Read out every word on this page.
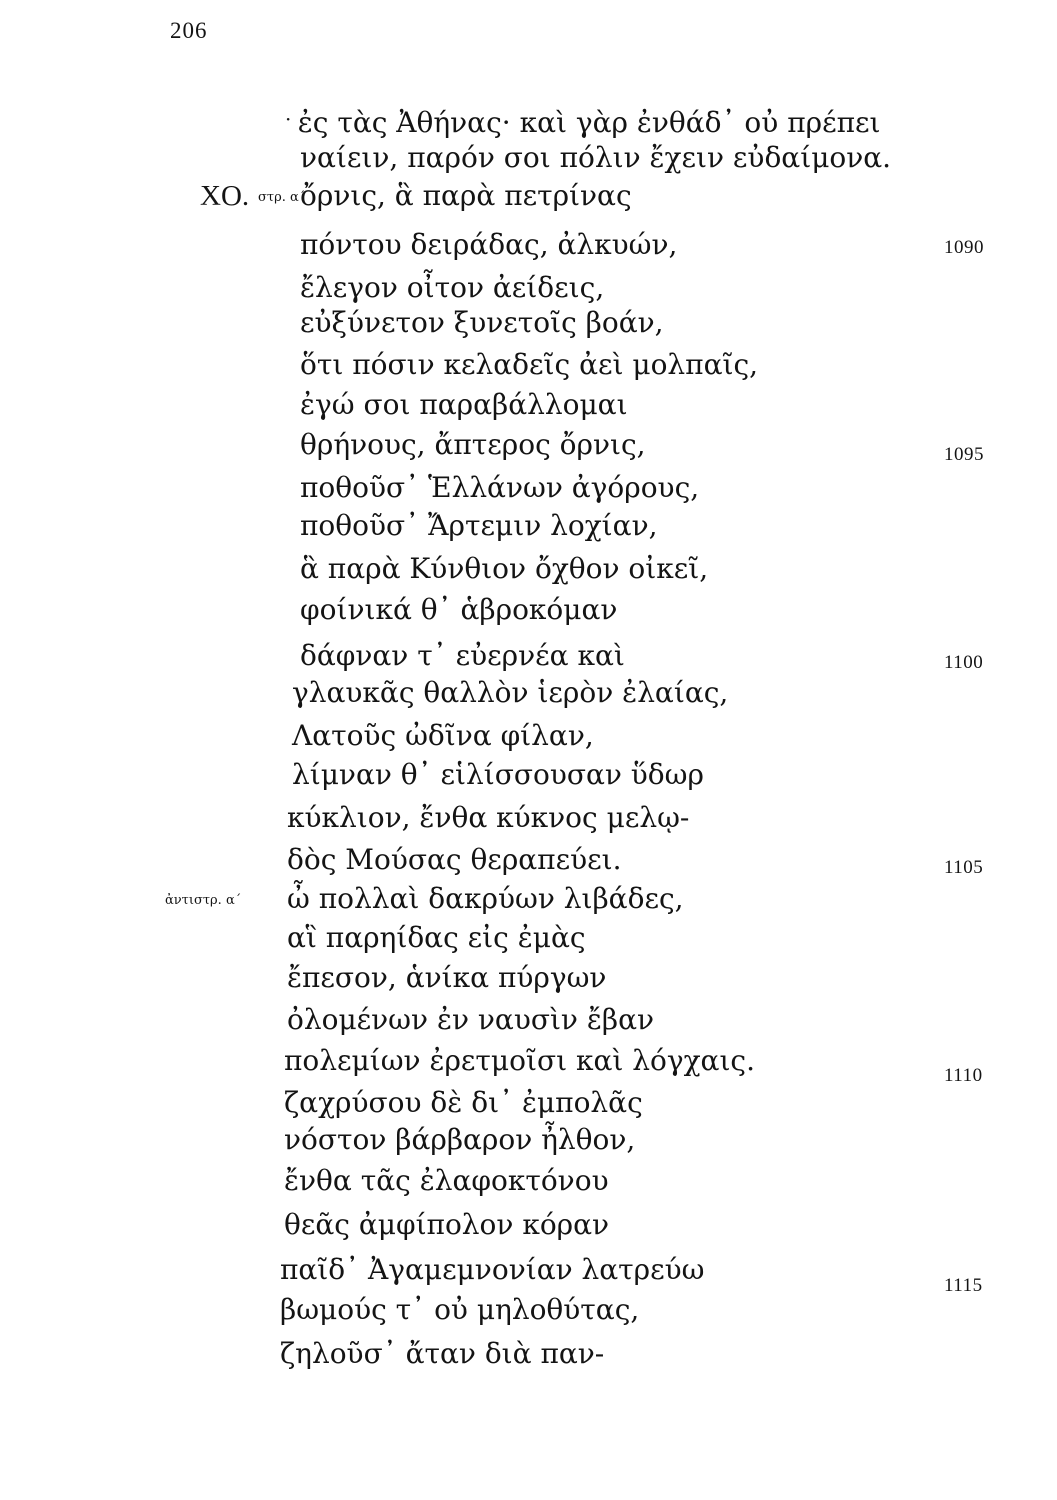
206
· ἐς τὰς Ἀθήνας· καὶ γὰρ ἐνθάδ᾽ οὐ πρέπει
ναίειν, παρόν σοι πόλιν ἔχειν εὐδαίμονα.
ΧΟ. στρ. α΄
ὄρνις, ἃ παρὰ πετρίνας
πόντου δειράδας, ἀλκυών,	1090
ἔλεγον οἶτον ἀείδεις,
εὐξύνετον ξυνετοῖς βοάν,
ὅτι πόσιν κελαδεῖς ἀεὶ μολπαῖς,
ἐγώ σοι παραβάλλομαι
θρήνους, ἄπτερος ὄρνις,	1095
ποθοῦσ᾽ Ἑλλάνων ἀγόρους,
ποθοῦσ᾽ Ἄρτεμιν λοχίαν,
ἃ παρὰ Κύνθιον ὄχθον οἰκεῖ,
φοίνικά θ᾽ ἁβροκόμαν
δάφναν τ᾽ εὐερνέα καὶ	1100
γλαυκᾶς θαλλὸν ἱερὸν ἐλαίας,
Λατοῦς ὠδῖνα φίλαν,
λίμναν θ᾽ εἱλίσσουσαν ὕδωρ
κύκλιον, ἔνθα κύκνος μελῳ-
δὸς Μούσας θεραπεύει.	1105
ἀντιστρ. α΄ ὦ πολλαὶ δακρύων λιβάδες,
αἳ παρηίδας εἰς ἐμὰς
ἔπεσον, ἁνίκα πύργων
ὀλομένων ἐν ναυσὶν ἔβαν
πολεμίων ἐρετμοῖσι καὶ λόγχαις.	1110
ζαχρύσου δὲ δι᾽ ἐμπολᾶς
νόστον βάρβαρον ἦλθον,
ἔνθα τᾶς ἐλαφοκτόνου
θεᾶς ἀμφίπολον κόραν
παῖδ᾽ Ἀγαμεμνονίαν λατρεύω	1115
βωμούς τ᾽ οὐ μηλοθύτας,
ζηλοῦσ᾽ ἄταν διὰ παν-
